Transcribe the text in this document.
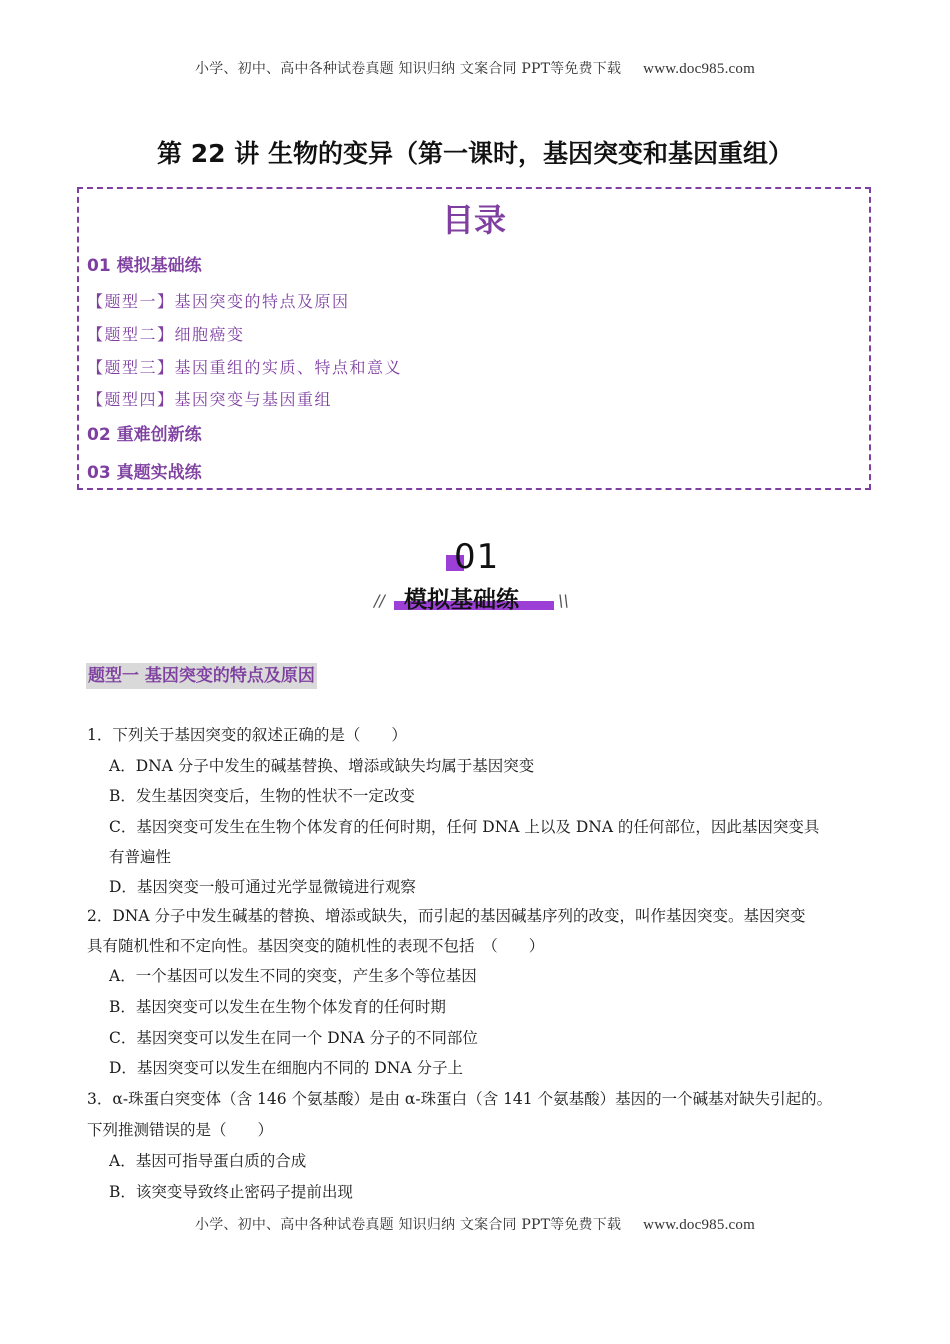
小学、初中、高中各种试卷真题 知识归纳 文案合同 PPT等免费下载 www.doc985.com
第 22 讲 生物的变异（第一课时，基因突变和基因重组）
目录
01 模拟基础练
【题型一】基因突变的特点及原因
【题型二】细胞癌变
【题型三】基因重组的实质、特点和意义
【题型四】基因突变与基因重组
02 重难创新练
03 真题实战练
01
模拟基础练
//	\\
题型一 基因突变的特点及原因
1．下列关于基因突变的叙述正确的是（　　）
A．DNA 分子中发生的碱基替换、增添或缺失均属于基因突变
B．发生基因突变后，生物的性状不一定改变
C．基因突变可发生在生物个体发育的任何时期，任何 DNA 上以及 DNA 的任何部位，因此基因突变具
有普遍性
D．基因突变一般可通过光学显微镜进行观察
2．DNA 分子中发生碱基的替换、增添或缺失，而引起的基因碱基序列的改变，叫作基因突变。基因突变
具有随机性和不定向性。基因突变的随机性的表现不包括　（　　）
A．一个基因可以发生不同的突变，产生多个等位基因
B．基因突变可以发生在生物个体发育的任何时期
C．基因突变可以发生在同一个 DNA 分子的不同部位
D．基因突变可以发生在细胞内不同的 DNA 分子上
3．α-珠蛋白突变体（含 146 个氨基酸）是由 α-珠蛋白（含 141 个氨基酸）基因的一个碱基对缺失引起的。
下列推测错误的是（　　）
A．基因可指导蛋白质的合成
B．该突变导致终止密码子提前出现
小学、初中、高中各种试卷真题 知识归纳 文案合同 PPT等免费下载 www.doc985.com
